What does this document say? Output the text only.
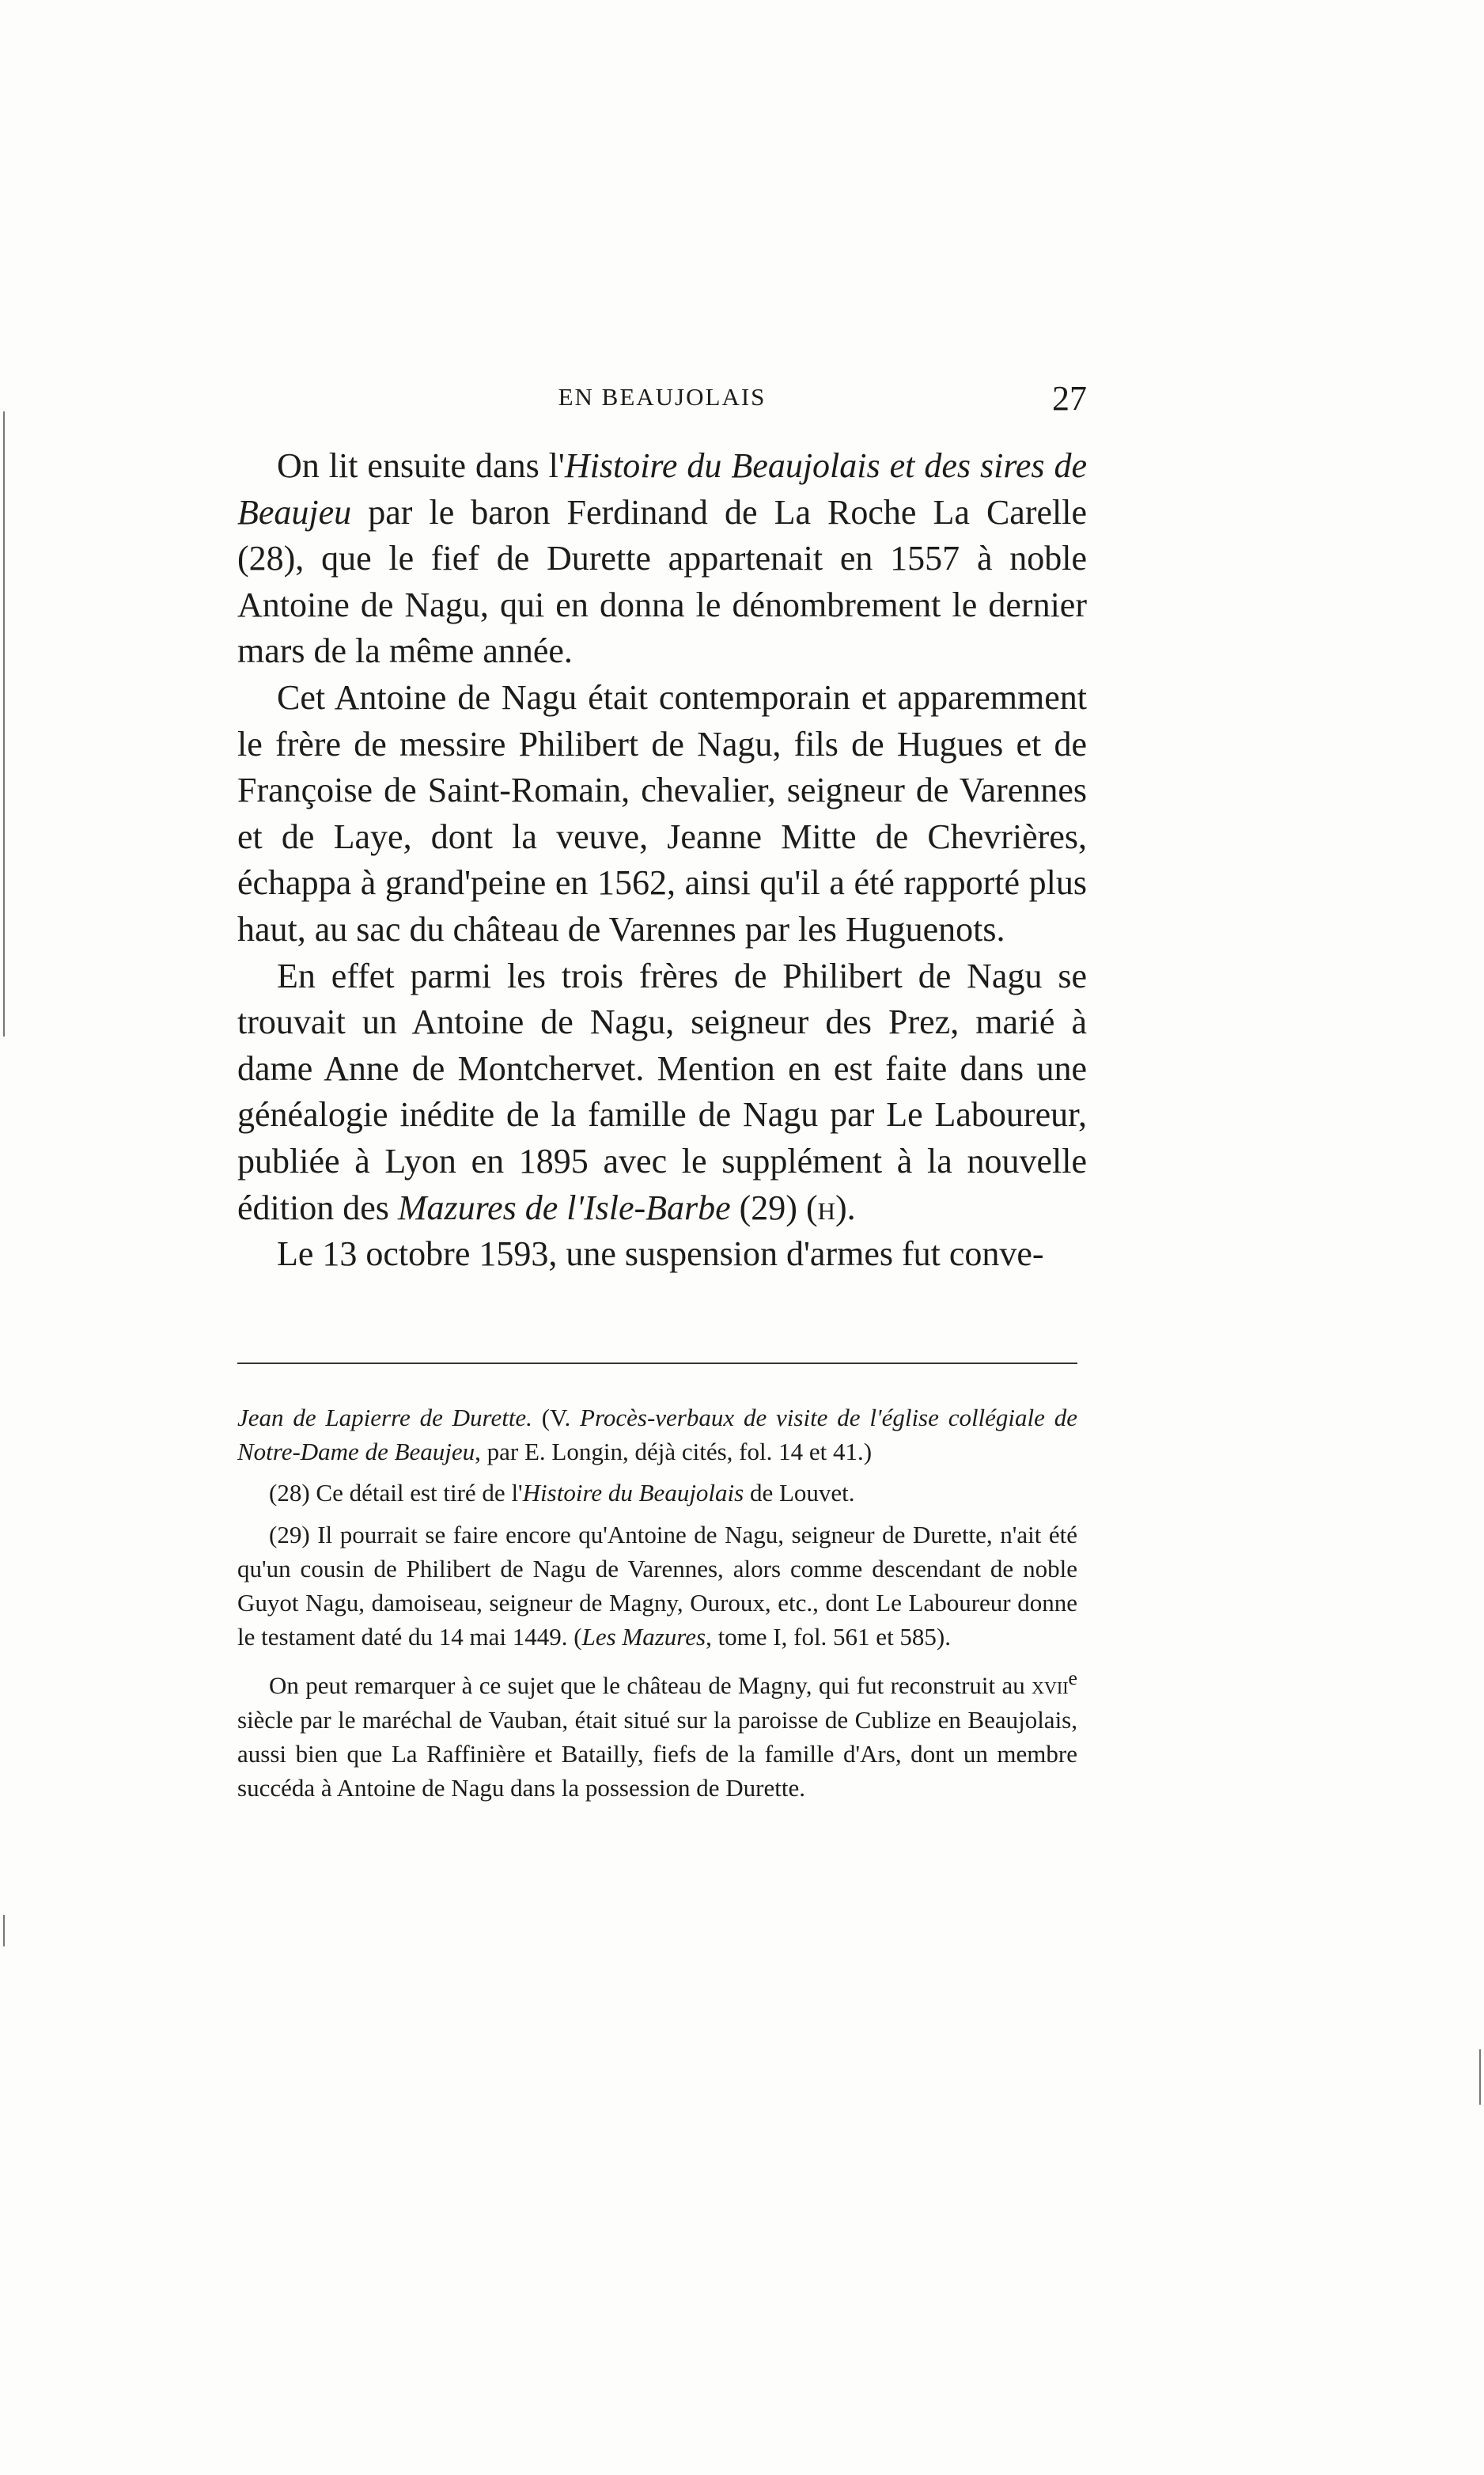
EN BEAUJOLAIS	27

On lit ensuite dans l'Histoire du Beaujolais et des sires de Beaujeu par le baron Ferdinand de La Roche La Carelle (28), que le fief de Durette appartenait en 1557 à noble Antoine de Nagu, qui en donna le dénombrement le dernier mars de la même année.

Cet Antoine de Nagu était contemporain et apparemment le frère de messire Philibert de Nagu, fils de Hugues et de Françoise de Saint-Romain, chevalier, seigneur de Varennes et de Laye, dont la veuve, Jeanne Mitte de Chevrières, échappa à grand'peine en 1562, ainsi qu'il a été rapporté plus haut, au sac du château de Varennes par les Huguenots.

En effet parmi les trois frères de Philibert de Nagu se trouvait un Antoine de Nagu, seigneur des Prez, marié à dame Anne de Montchervet. Mention en est faite dans une généalogie inédite de la famille de Nagu par Le Laboureur, publiée à Lyon en 1895 avec le supplément à la nouvelle édition des Mazures de l'Isle-Barbe (29) (h).

Le 13 octobre 1593, une suspension d'armes fut conve-

Jean de Lapierre de Durette. (V. Procès-verbaux de visite de l'église collégiale de Notre-Dame de Beaujeu, par E. Longin, déjà cités, fol. 14 et 41.)

(28) Ce détail est tiré de l'Histoire du Beaujolais de Louvet.

(29) Il pourrait se faire encore qu'Antoine de Nagu, seigneur de Durette, n'ait été qu'un cousin de Philibert de Nagu de Varennes, alors comme descendant de noble Guyot Nagu, damoiseau, seigneur de Magny, Ouroux, etc., dont Le Laboureur donne le testament daté du 14 mai 1449. (Les Mazures, tome I, fol. 561 et 585).

On peut remarquer à ce sujet que le château de Magny, qui fut reconstruit au xvii$^e$ siècle par le maréchal de Vauban, était situé sur la paroisse de Cublize en Beaujolais, aussi bien que La Raffinière et Batailly, fiefs de la famille d'Ars, dont un membre succéda à Antoine de Nagu dans la possession de Durette.
